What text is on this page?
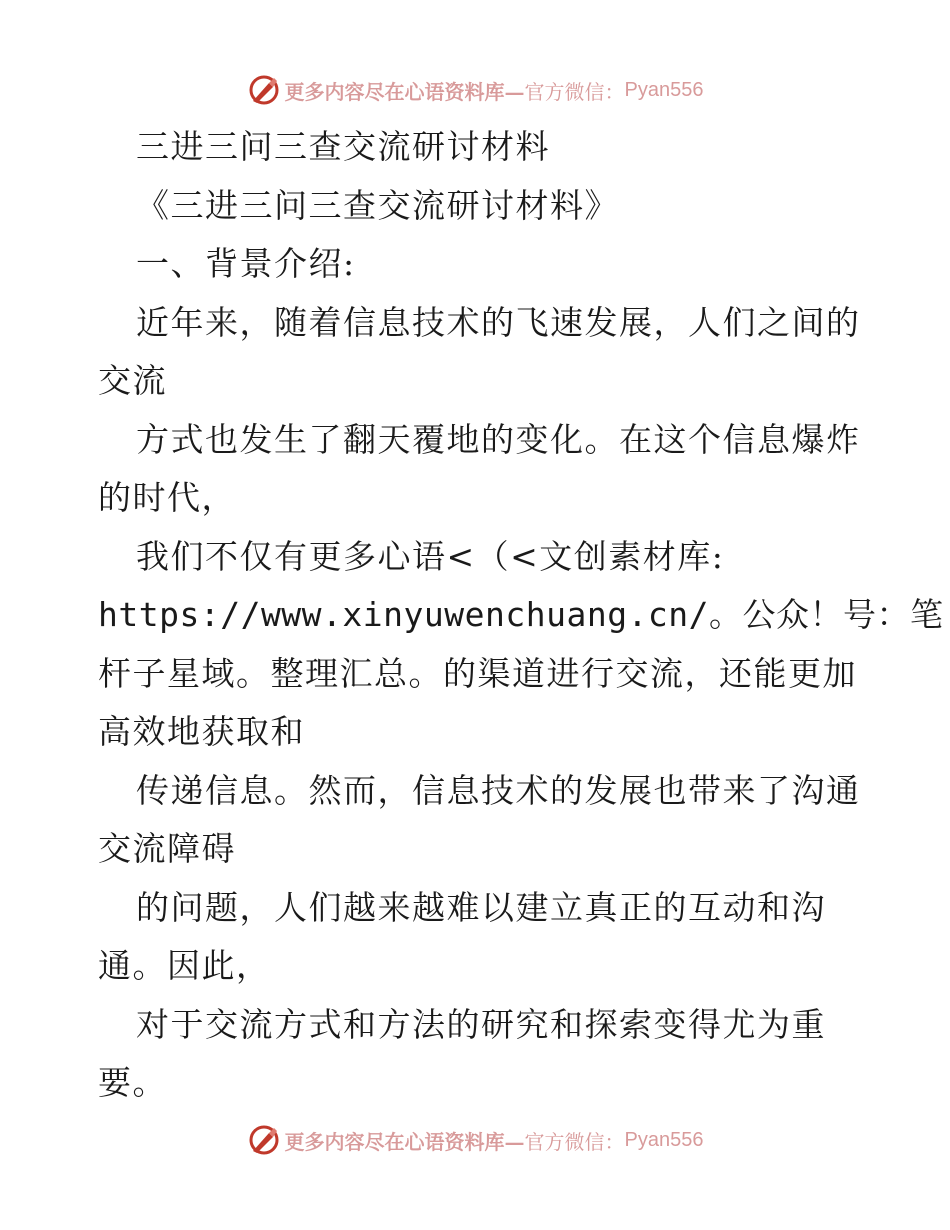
更多内容尽在心语资料库— 官方微信： Pyan556
三进三问三查交流研讨材料
《三进三问三查交流研讨材料》
一、背景介绍:
近年来，随着信息技术的飞速发展，人们之间的
交流
方式也发生了翻天覆地的变化。在这个信息爆炸
的时代，
我们不仅有更多心语<（<文创素材库:
https://www.xinyuwenchuang.cn/。公众！号：笔
杆子星域。整理汇总。的渠道进行交流，还能更加
高效地获取和
传递信息。然而，信息技术的发展也带来了沟通
交流障碍
的问题，人们越来越难以建立真正的互动和沟
通。因此，
对于交流方式和方法的研究和探索变得尤为重
要。
更多内容尽在心语资料库— 官方微信： Pyan556
